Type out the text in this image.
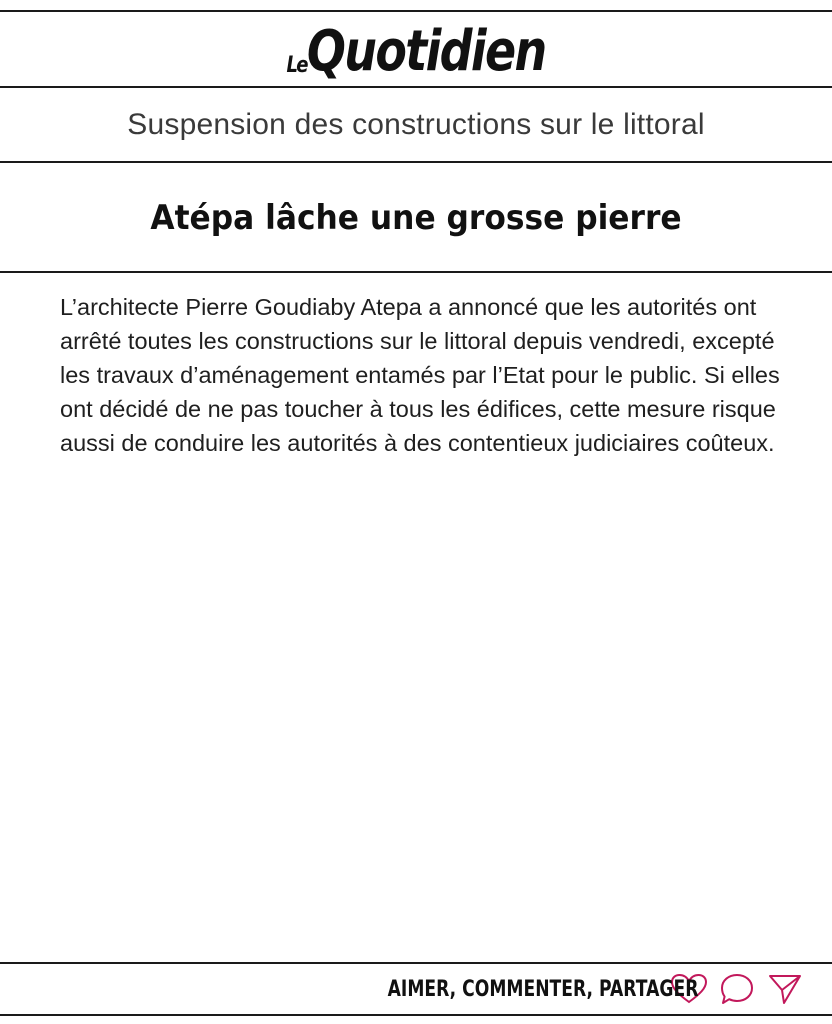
Le Quotidien
Suspension des constructions sur le littoral
Atépa lâche une grosse pierre

L’architecte Pierre Goudiaby Atepa a annoncé que les autorités ont arrêté toutes les constructions sur le littoral depuis vendredi, excepté les travaux d’aménagement entamés par l’Etat pour le public. Si elles ont décidé de ne pas toucher à tous les édifices, cette mesure risque aussi de conduire les autorités à des contentieux judiciaires coûteux.

AIMER, COMMENTER, PARTAGER
